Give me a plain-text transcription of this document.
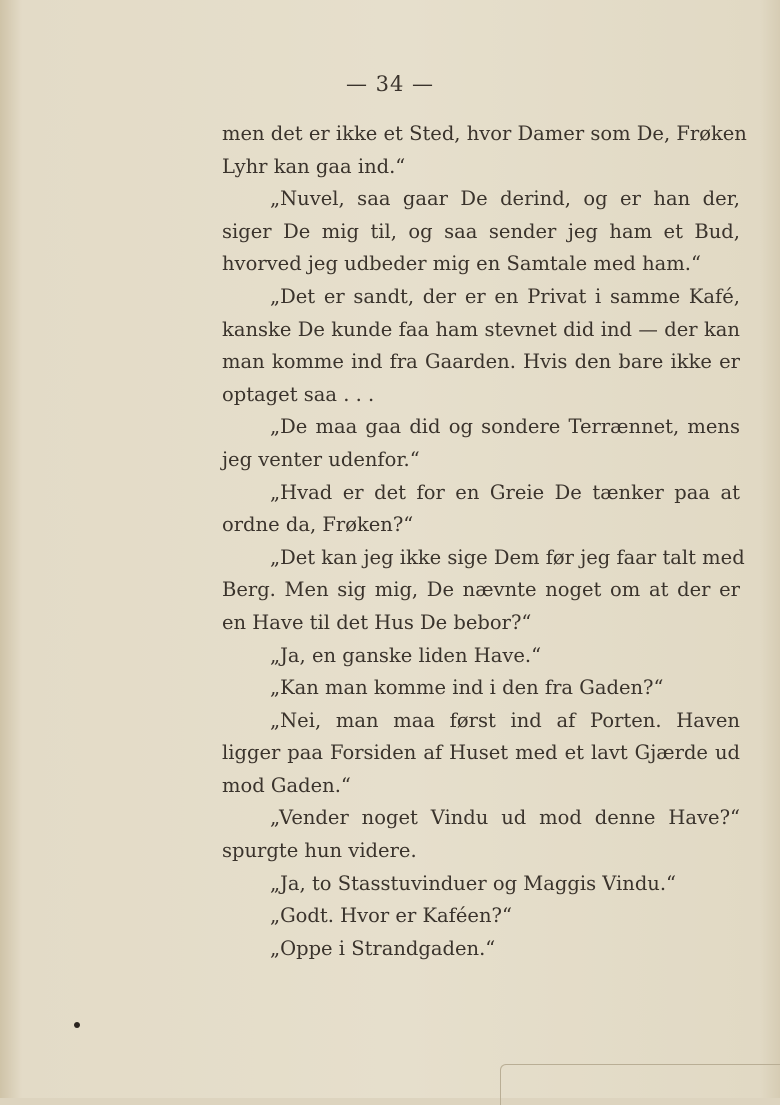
— 34 —
men det er ikke et Sted, hvor Damer som De, Frøken
Lyhr kan gaa ind.“
„Nuvel, saa gaar De derind, og er han der,
siger De mig til, og saa sender jeg ham et Bud,
hvorved jeg udbeder mig en Samtale med ham.“
„Det er sandt, der er en Privat i samme Kafé,
kanske De kunde faa ham stevnet did ind — der kan
man komme ind fra Gaarden. Hvis den bare ikke er
optaget saa . . .
„De maa gaa did og sondere Terrænnet, mens
jeg venter udenfor.“
„Hvad er det for en Greie De tænker paa at
ordne da, Frøken?“
„Det kan jeg ikke sige Dem før jeg faar talt med
Berg. Men sig mig, De nævnte noget om at der er
en Have til det Hus De bebor?“
„Ja, en ganske liden Have.“
„Kan man komme ind i den fra Gaden?“
„Nei, man maa først ind af Porten. Haven
ligger paa Forsiden af Huset med et lavt Gjærde ud
mod Gaden.“
„Vender noget Vindu ud mod denne Have?“
spurgte hun videre.
„Ja, to Stasstuvinduer og Maggis Vindu.“
„Godt. Hvor er Kaféen?“
„Oppe i Strandgaden.“
